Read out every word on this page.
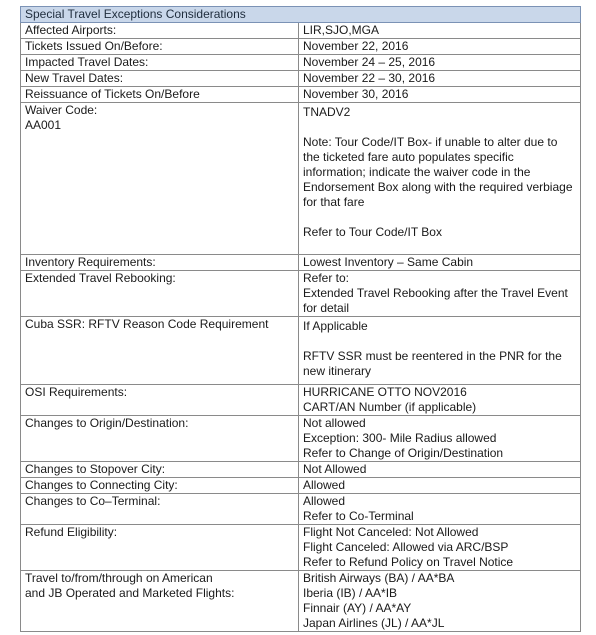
Special Travel Exceptions Considerations	
Affected Airports:	LIR,SJO,MGA
Tickets Issued On/Before:	November 22, 2016
Impacted Travel Dates:	November 24 – 25, 2016
New Travel Dates:	November 22 – 30, 2016
Reissuance of Tickets On/Before	November 30, 2016

Waiver Code:
AA001	TNADV2
Note: Tour Code/IT Box- if unable to alter due to the ticketed fare auto populates specific information; indicate the waiver code in the Endorsement Box along with the required verbiage for that fare
Refer to Tour Code/IT Box

Inventory Requirements:	Lowest Inventory – Same Cabin
Extended Travel Rebooking:	Refer to:
Extended Travel Rebooking after the Travel Event for detail

Cuba SSR: RFTV Reason Code Requirement	If Applicable
RFTV SSR must be reentered in the PNR for the new itinerary

OSI Requirements:	HURRICANE OTTO NOV2016
CART/AN Number (if applicable)

Changes to Origin/Destination:	Not allowed
Exception: 300- Mile Radius allowed
Refer to Change of Origin/Destination

Changes to Stopover City:	Not Allowed
Changes to Connecting City:	Allowed
Changes to Co–Terminal:	Allowed
Refer to Co-Terminal

Refund Eligibility:	Flight Not Canceled: Not Allowed
Flight Canceled: Allowed via ARC/BSP
Refer to Refund Policy on Travel Notice

Travel to/from/through on American
and JB Operated and Marketed Flights:	British Airways (BA) / AA*BA
Iberia (IB) / AA*IB
Finnair (AY) / AA*AY
Japan Airlines (JL) / AA*JL
